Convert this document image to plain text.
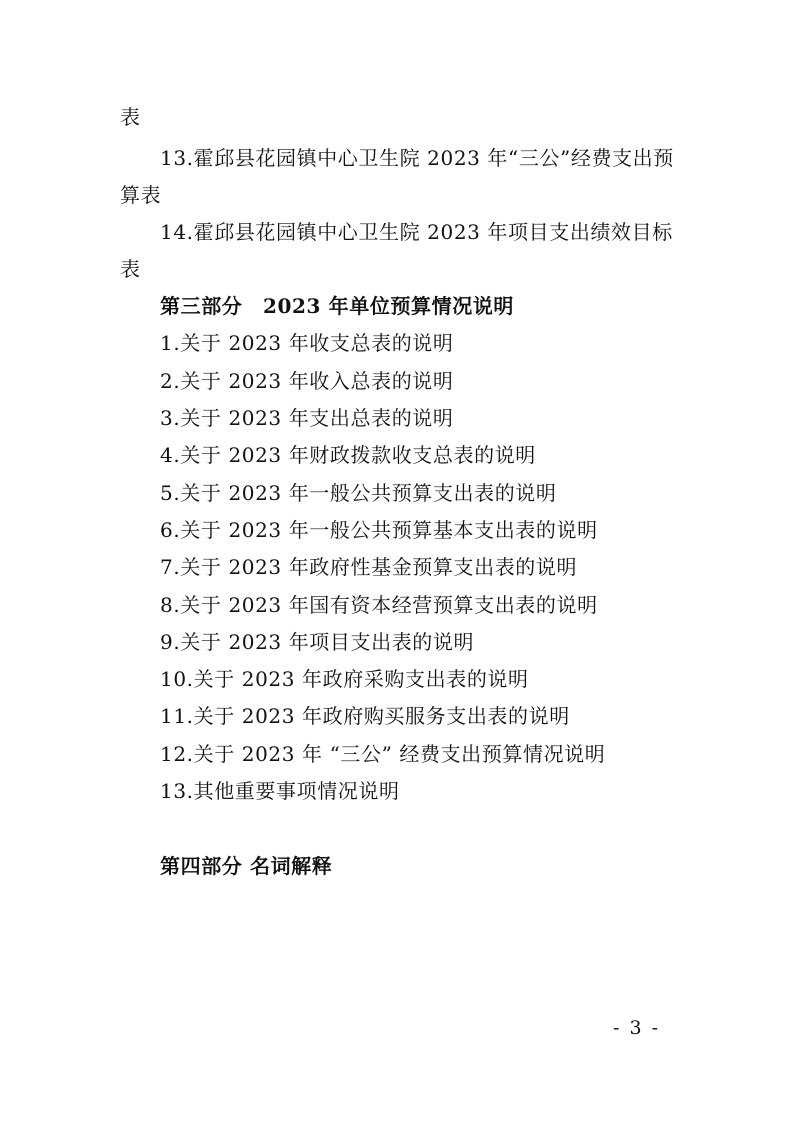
表
13.霍邱县花园镇中心卫生院 2023 年“三公”经费支出预
算表
14.霍邱县花园镇中心卫生院 2023 年项目支出绩效目标
表
第三部分　2023 年单位预算情况说明
1.关于 2023 年收支总表的说明
2.关于 2023 年收入总表的说明
3.关于 2023 年支出总表的说明
4.关于 2023 年财政拨款收支总表的说明
5.关于 2023 年一般公共预算支出表的说明
6.关于 2023 年一般公共预算基本支出表的说明
7.关于 2023 年政府性基金预算支出表的说明
8.关于 2023 年国有资本经营预算支出表的说明
9.关于 2023 年项目支出表的说明
10.关于 2023 年政府采购支出表的说明
11.关于 2023 年政府购买服务支出表的说明
12.关于 2023 年 “三公” 经费支出预算情况说明
13.其他重要事项情况说明
第四部分 名词解释
- 3 -
